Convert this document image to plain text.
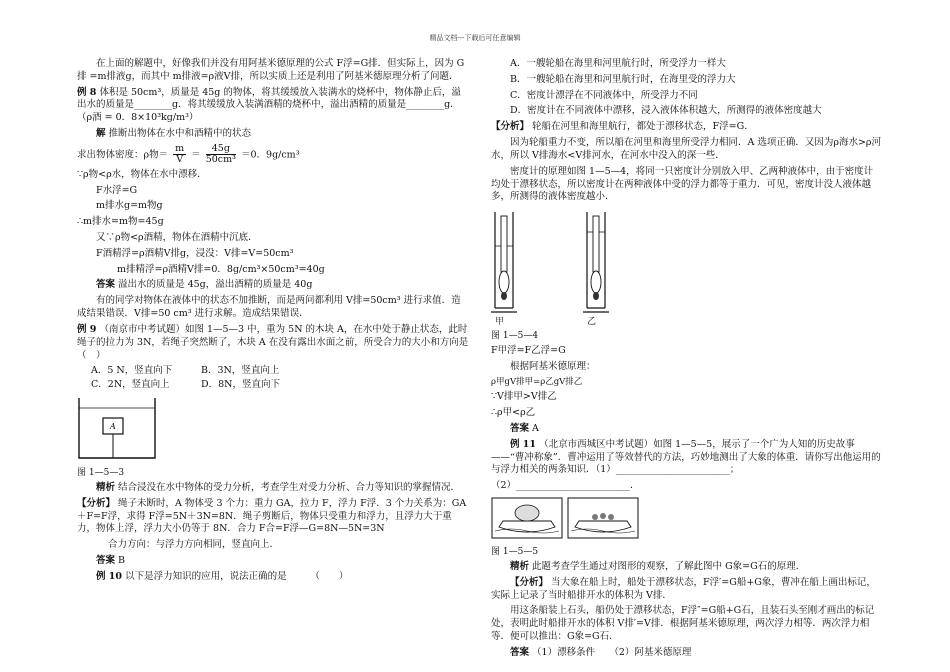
精品文档---下载后可任意编辑

在上面的解题中，好像我们并没有用阿基米德原理的公式 F浮=G排．但实际上，因为 G排 =m排液g，而其中 m排液=ρ液V排，所以实质上还是利用了阿基米德原理分析了问题．

例 8 体积是 50cm³，质量是 45g 的物体，将其缓缓放入装满水的烧杯中，物体静止后，溢出水的质量是________g．将其缓缓放入装满酒精的烧杯中，溢出酒精的质量是________g．（ρ酒 = 0．8×10³kg/m³）

解 推断出物体在水中和酒精中的状态

求出物体密度：ρ物＝ $\frac{m}{V} = \frac{45g}{\text{50cm³}} =0$．9g/cm³

∵ρ物<ρ水，物体在水中漂移．

F水浮=G

m排水g=m物g

∴m排水=m物=45g

又∵ρ物<ρ酒精，物体在酒精中沉底．

F酒精浮=ρ酒精V排g，浸没：V排=V=50cm³

m排精浮=ρ酒精V排=0．8g/cm³×50cm³=40g

答案 溢出水的质量是 45g，溢出酒精的质量是 40g

有的同学对物体在液体中的状态不加推断，而是两问都利用 V排=50cm³ 进行求值．造成结果错误．V排=50 cm³ 进行求解。造成结果错误．

例 9 （南京市中考试题）如图 1—5—3 中，重为 5N 的木块 A，在水中处于静止状态，此时绳子的拉力为 3N，若绳子突然断了，木块 A 在没有露出水面之前，所受合力的大小和方向是（　）

A．5 N，竖直向下	B．3N，竖直向上
C．2N，竖直向上	D．8N，竖直向下
A

图 1—5—3

精析 结合浸没在水中物体的受力分析，考查学生对受力分析、合力等知识的掌握情况．

【分析】 绳子未断时，A 物体受 3 个力：重力 GA，拉力 F，浮力 F浮．3 个力关系为：GA＋F=F浮，求得 F浮=5N＋3N=8N．绳子剪断后，物体只受重力和浮力，且浮力大于重力，物体上浮，浮力大小仍等于 8N．合力 F合=F浮—G=8N—5N=3N

合力方向：与浮力方向相同，竖直向上．

答案 B

例 10 以下是浮力知识的应用，说法正确的是　　　（　　）

A．一艘轮船在海里和河里航行时，所受浮力一样大

B．一艘轮船在海里和河里航行时，在海里受的浮力大

C．密度计漂浮在不同液体中，所受浮力不同

D．密度计在不同液体中漂移，浸入液体体积越大，所测得的液体密度越大

【分析】 轮船在河里和海里航行，都处于漂移状态，F浮=G．

因为轮船重力不变，所以船在河里和海里所受浮力相同．A 选项正确．又因为ρ海水>ρ河水，所以 V排海水<V排河水，在河水中没入的深一些．

密度计的原理如图 1—5—4，将同一只密度计分别放入甲、乙两种液体中，由于密度计均处于漂移状态，所以密度计在两种液体中受的浮力都等于重力．可见，密度计没人液体越多，所测得的液体密度越小．

甲	乙

图 1—5—4

F甲浮=F乙浮=G

根据阿基米德原理：

ρ甲gV排甲=ρ乙gV排乙

∵V排甲>V排乙

∴ρ甲<ρ乙

答案 A

例 11 （北京市西城区中考试题）如图 1—5—5，展示了一个广为人知的历史故事——“曹冲称象”．曹冲运用了等效替代的方法，巧妙地测出了大象的体重．请你写出他运用的与浮力相关的两条知识．（1）________________________；

（2）________________________．

图 1—5—5

精析 此题考查学生通过对图形的观察，了解此图中 G象=G石的原理．

【分析】 当大象在船上时，船处于漂移状态，F浮′=G船+G象，曹冲在船上画出标记，实际上记录了当时船排开水的体积为 V排．

用这条船装上石头，船仍处于漂移状态，F浮″=G船+G石，且装石头至刚才画出的标记处，表明此时船排开水的体积 V排′=V排．根据阿基米德原理，两次浮力相等．两次浮力相等．便可以推出：G象=G石．

答案 （1）漂移条件　　（2）阿基米德原理
